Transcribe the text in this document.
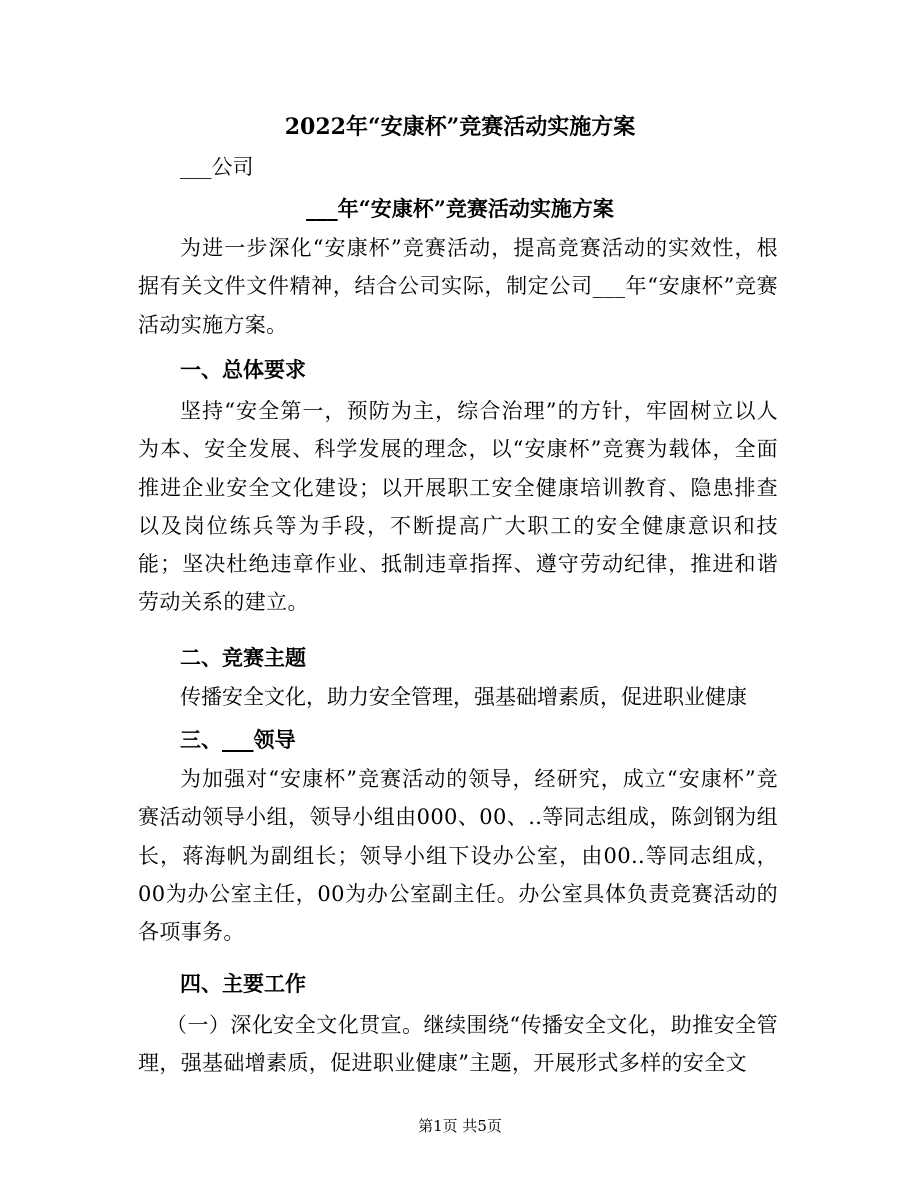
2022年“安康杯”竞赛活动实施方案
___公司
___年“安康杯”竞赛活动实施方案

为进一步深化“安康杯”竞赛活动，提高竞赛活动的实效性，根据有关文件文件精神，结合公司实际，制定公司___年“安康杯”竞赛活动实施方案。

一、总体要求

坚持“安全第一，预防为主，综合治理”的方针，牢固树立以人为本、安全发展、科学发展的理念，以“安康杯”竞赛为载体，全面推进企业安全文化建设；以开展职工安全健康培训教育、隐患排查以及岗位练兵等为手段，不断提高广大职工的安全健康意识和技能；坚决杜绝违章作业、抵制违章指挥、遵守劳动纪律，推进和谐劳动关系的建立。

二、竞赛主题
传播安全文化，助力安全管理，强基础增素质，促进职业健康
三、___领导

为加强对“安康杯”竞赛活动的领导，经研究，成立“安康杯”竞赛活动领导小组，领导小组由000、00、..等同志组成，陈剑钢为组长，蒋海帆为副组长；领导小组下设办公室，由00..等同志组成，00为办公室主任，00为办公室副主任。办公室具体负责竞赛活动的各项事务。

四、主要工作

（一）深化安全文化贯宣。继续围绕“传播安全文化，助推安全管理，强基础增素质，促进职业健康”主题，开展形式多样的安全文

第1页 共5页
